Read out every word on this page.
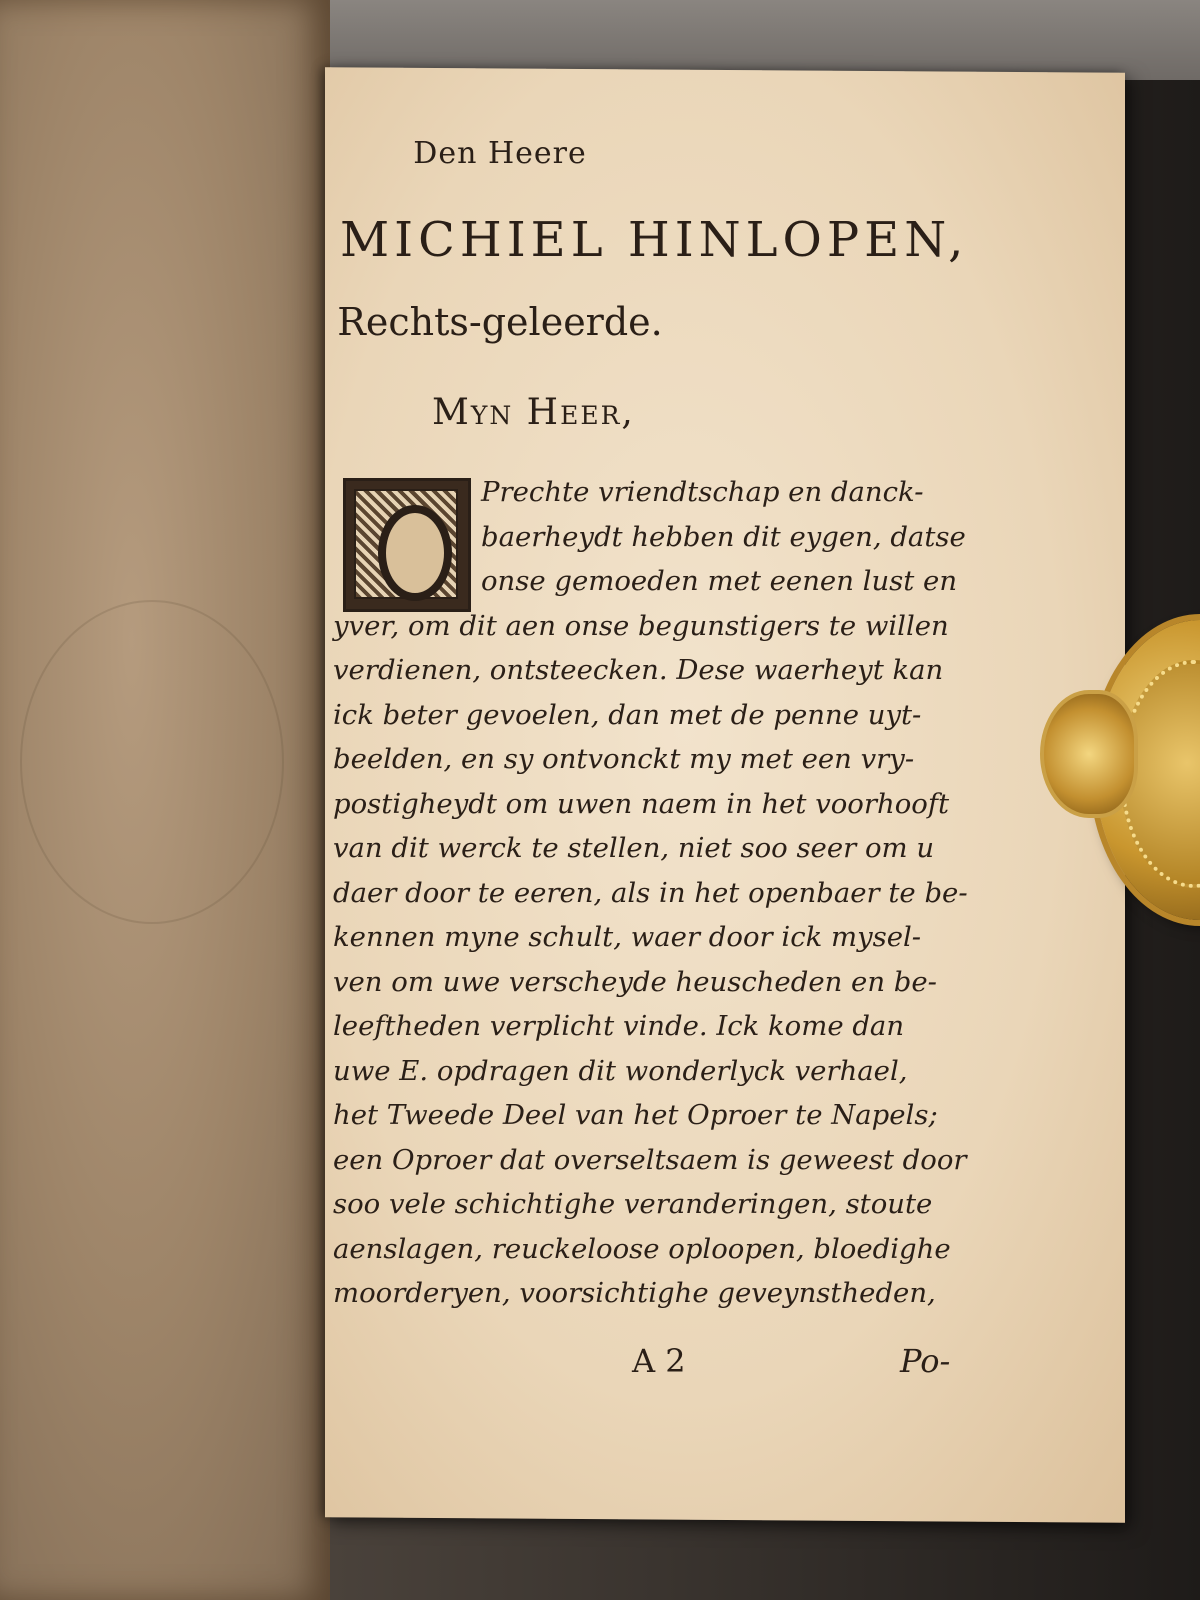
Den Heere
MICHIEL HINLOPEN,
Rechts-geleerde.
Myn Heer,
Prechte vriendtschap en danck-
baerheydt hebben dit eygen, datse
onse gemoeden met eenen lust en
yver, om dit aen onse begunstigers te willen
verdienen, ontsteecken. Dese waerheyt kan
ick beter gevoelen, dan met de penne uyt-
beelden, en sy ontvonckt my met een vry-
postigheydt om uwen naem in het voorhooft
van dit werck te stellen, niet soo seer om u
daer door te eeren, als in het openbaer te be-
kennen myne schult, waer door ick mysel-
ven om uwe verscheyde heuscheden en be-
leeftheden verplicht vinde. Ick kome dan
uwe E. opdragen dit wonderlyck verhael,
het Tweede Deel van het Oproer te Napels;
een Oproer dat overseltsaem is geweest door
soo vele schichtighe veranderingen, stoute
aenslagen, reuckeloose oploopen, bloedighe
moorderyen, voorsichtighe geveynstheden,
A 2	Po-
